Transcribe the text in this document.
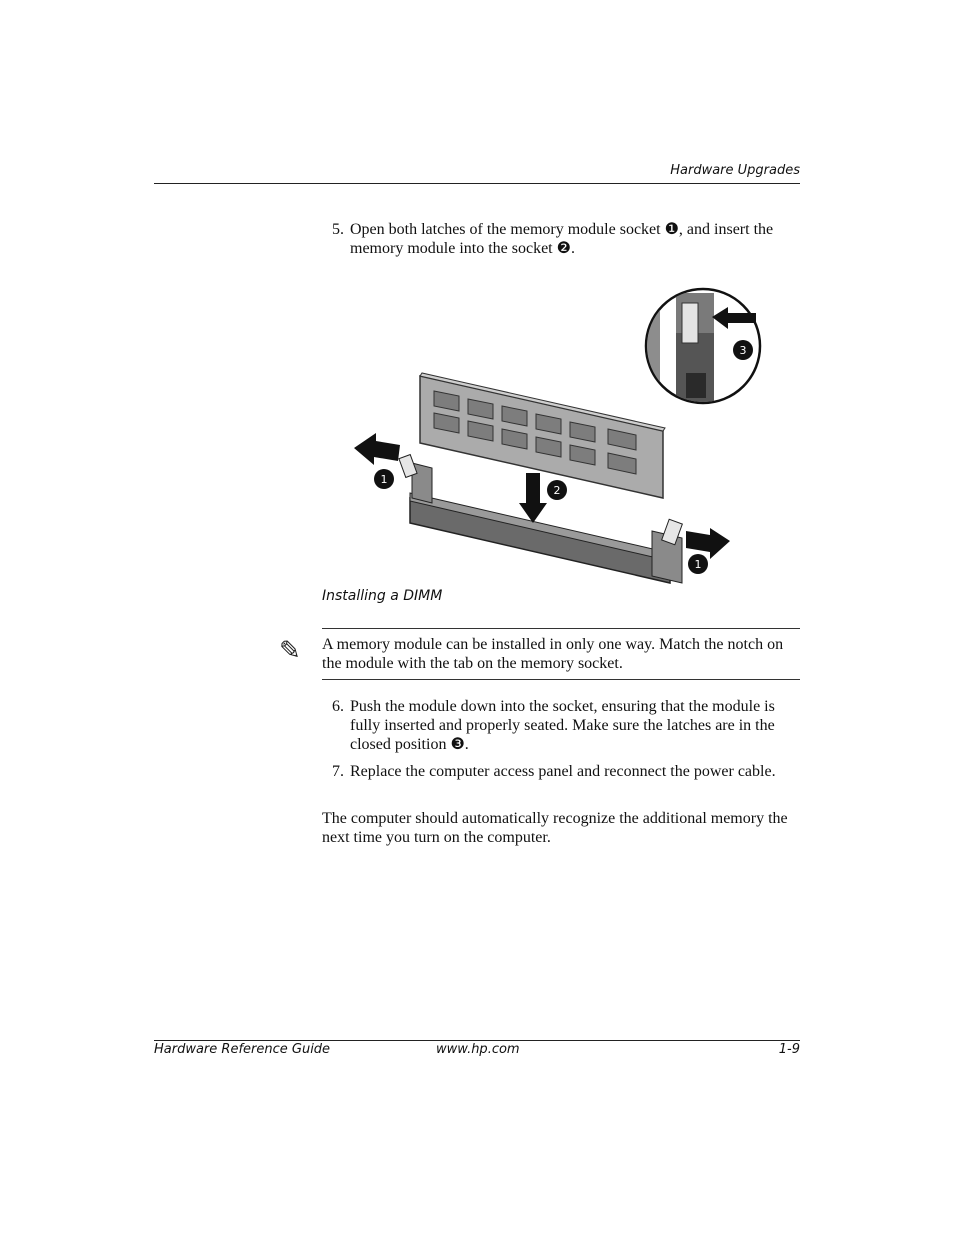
Hardware Upgrades
5. Open both latches of the memory module socket ❶, and insert the memory module into the socket ❷.
3
1
2
1
Installing a DIMM
✎ A memory module can be installed in only one way. Match the notch on the module with the tab on the memory socket.
6. Push the module down into the socket, ensuring that the module is fully inserted and properly seated. Make sure the latches are in the closed position ❸.
7. Replace the computer access panel and reconnect the power cable.
The computer should automatically recognize the additional memory the next time you turn on the computer.
Hardware Reference Guide	www.hp.com	1-9
